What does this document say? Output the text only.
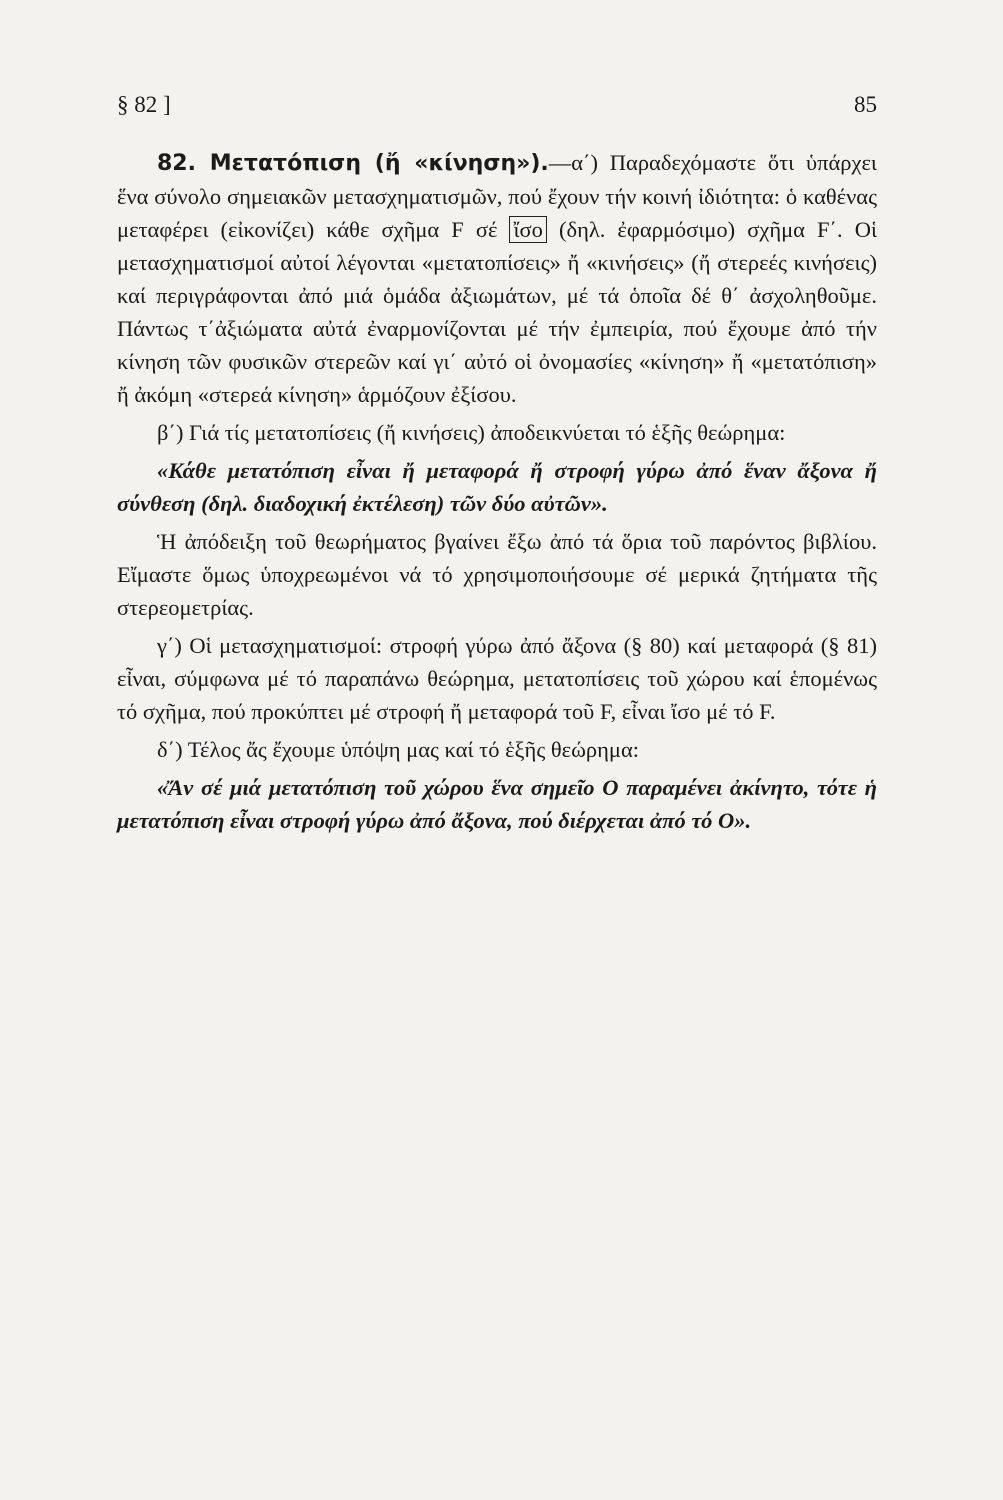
§ 82 ]	85

82. Μετατόπιση (ἤ «κίνηση»).—α΄) Παραδεχόμαστε ὅτι ὑπάρχει ἕνα σύνολο σημειακῶν μετασχηματισμῶν, πού ἔχουν τήν κοινή ἰδιότητα: ὁ καθένας μεταφέρει (εἰκονίζει) κάθε σχῆμα F σέ ἴσο (δηλ. ἐφαρμόσιμο) σχῆμα F΄. Οἱ μετασχηματισμοί αὐτοί λέγονται «μετατοπίσεις» ἤ «κινήσεις» (ἤ στερεές κινήσεις) καί περιγράφονται ἀπό μιά ὁμάδα ἀξιωμάτων, μέ τά ὁποῖα δέ θ΄ ἀσχοληθοῦμε. Πάντως τ΄ἀξιώματα αὐτά ἐναρμονίζονται μέ τήν ἐμπειρία, πού ἔχουμε ἀπό τήν κίνηση τῶν φυσικῶν στερεῶν καί γι΄ αὐτό οἱ ὀνομασίες «κίνηση» ἤ «μετατόπιση» ἤ ἀκόμη «στερεά κίνηση» ἁρμόζουν ἐξίσου.

β΄) Γιά τίς μετατοπίσεις (ἤ κινήσεις) ἀποδεικνύεται τό ἑξῆς θεώρημα:

«Κάθε μετατόπιση εἶναι ἤ μεταφορά ἤ στροφή γύρω ἀπό ἕναν ἄξονα ἤ σύνθεση (δηλ. διαδοχική ἐκτέλεση) τῶν δύο αὐτῶν».

Ἡ ἀπόδειξη τοῦ θεωρήματος βγαίνει ἔξω ἀπό τά ὅρια τοῦ παρόντος βιβλίου. Εἴμαστε ὅμως ὑποχρεωμένοι νά τό χρησιμοποιήσουμε σέ μερικά ζητήματα τῆς στερεομετρίας.

γ΄) Οἱ μετασχηματισμοί: στροφή γύρω ἀπό ἄξονα (§ 80) καί μεταφορά (§ 81) εἶναι, σύμφωνα μέ τό παραπάνω θεώρημα, μετατοπίσεις τοῦ χώρου καί ἑπομένως τό σχῆμα, πού προκύπτει μέ στροφή ἤ μεταφορά τοῦ F, εἶναι ἴσο μέ τό F.

δ΄) Τέλος ἄς ἔχουμε ὑπόψη μας καί τό ἑξῆς θεώρημα:

«Ἄν σέ μιά μετατόπιση τοῦ χώρου ἕνα σημεῖο O παραμένει ἀκίνητο, τότε ἡ μετατόπιση εἶναι στροφή γύρω ἀπό ἄξονα, πού διέρχεται ἀπό τό O».
